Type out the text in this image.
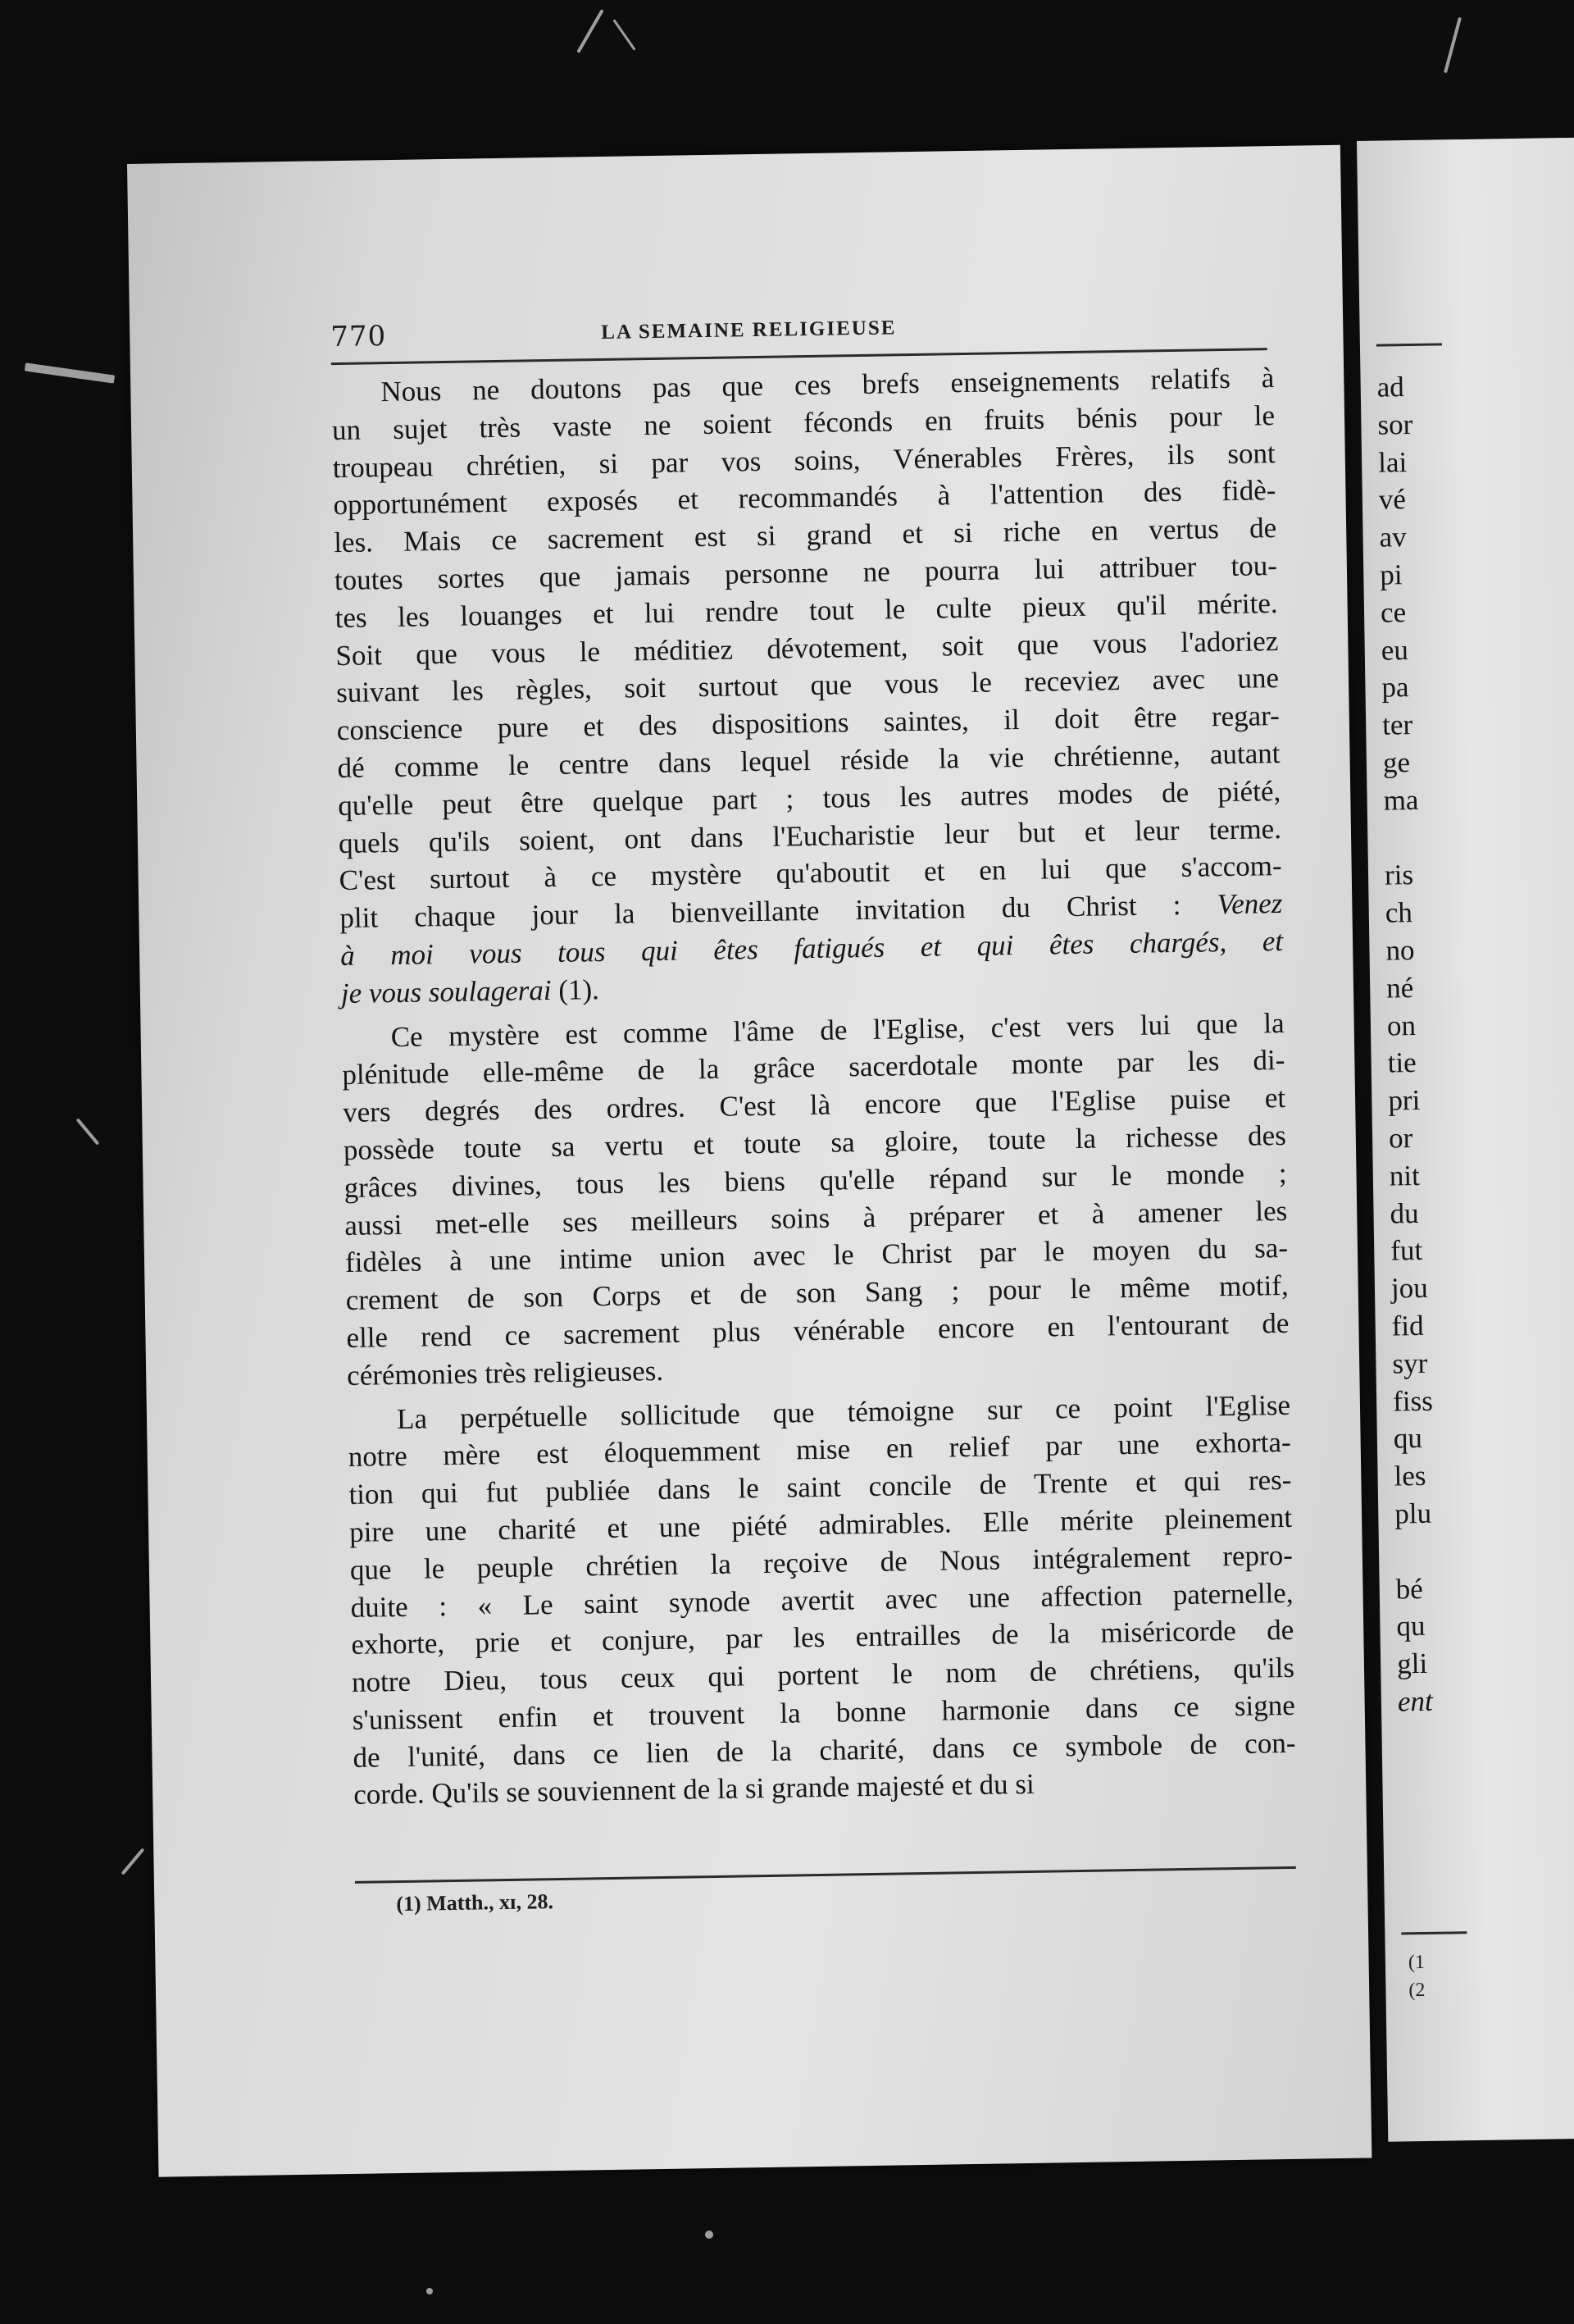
ad
sor
lai
vé
av
pi
ce
eu
pa
ter
ge
ma
ris
ch
no
né
on
tie
pri
or
nit
du
fut
jou
fid
syr
fiss
qu
les
plu
bé
qu
gli
ent
(1
(2
770	LA SEMAINE RELIGIEUSE
Nous ne doutons pas que ces brefs enseignements relatifs à
un sujet très vaste ne soient féconds en fruits bénis pour le
troupeau chrétien, si par vos soins, Vénerables Frères, ils sont
opportunément exposés et recommandés à l'attention des fidè-
les. Mais ce sacrement est si grand et si riche en vertus de
toutes sortes que jamais personne ne pourra lui attribuer tou-
tes les louanges et lui rendre tout le culte pieux qu'il mérite.
Soit que vous le méditiez dévotement, soit que vous l'adoriez
suivant les règles, soit surtout que vous le receviez avec une
conscience pure et des dispositions saintes, il doit être regar-
dé comme le centre dans lequel réside la vie chrétienne, autant
qu'elle peut être quelque part ; tous les autres modes de piété,
quels qu'ils soient, ont dans l'Eucharistie leur but et leur terme.
C'est surtout à ce mystère qu'aboutit et en lui que s'accom-
plit chaque jour la bienveillante invitation du Christ : Venez
à moi vous tous qui êtes fatigués et qui êtes chargés, et
je vous soulagerai (1).
Ce mystère est comme l'âme de l'Eglise, c'est vers lui que la
plénitude elle-même de la grâce sacerdotale monte par les di-
vers degrés des ordres. C'est là encore que l'Eglise puise et
possède toute sa vertu et toute sa gloire, toute la richesse des
grâces divines, tous les biens qu'elle répand sur le monde ;
aussi met-elle ses meilleurs soins à préparer et à amener les
fidèles à une intime union avec le Christ par le moyen du sa-
crement de son Corps et de son Sang ; pour le même motif,
elle rend ce sacrement plus vénérable encore en l'entourant de
cérémonies très religieuses.
La perpétuelle sollicitude que témoigne sur ce point l'Eglise
notre mère est éloquemment mise en relief par une exhorta-
tion qui fut publiée dans le saint concile de Trente et qui res-
pire une charité et une piété admirables. Elle mérite pleinement
que le peuple chrétien la reçoive de Nous intégralement repro-
duite : « Le saint synode avertit avec une affection paternelle,
exhorte, prie et conjure, par les entrailles de la miséricorde de
notre Dieu, tous ceux qui portent le nom de chrétiens, qu'ils
s'unissent enfin et trouvent la bonne harmonie dans ce signe
de l'unité, dans ce lien de la charité, dans ce symbole de con-
corde. Qu'ils se souviennent de la si grande majesté et du si
(1) Matth., xɪ, 28.
